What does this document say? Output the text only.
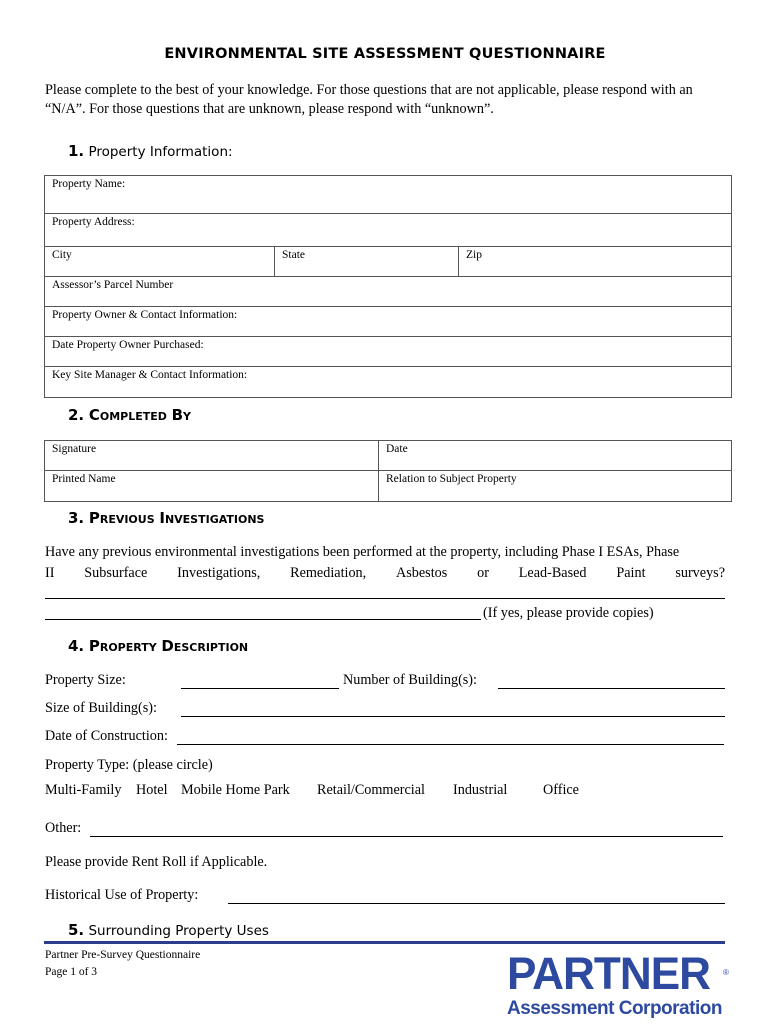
ENVIRONMENTAL SITE ASSESSMENT QUESTIONNAIRE
Please complete to the best of your knowledge. For those questions that are not applicable, please respond with an “N/A”. For those questions that are unknown, please respond with “unknown”.
1. Property Information:
Property Name:
Property Address:
City	State	Zip
Assessor’s Parcel Number
Property Owner & Contact Information:
Date Property Owner Purchased:
Key Site Manager & Contact Information:
2. COMPLETED BY
Signature	Date
Printed Name	Relation to Subject Property
3. PREVIOUS INVESTIGATIONS
Have any previous environmental investigations been performed at the property, including Phase I ESAs, Phase
II Subsurface Investigations, Remediation, Asbestos or Lead-Based Paint surveys?
(If yes, please provide copies)
4. PROPERTY DESCRIPTION
Property Size:	Number of Building(s):
Size of Building(s):
Date of Construction:
Property Type: (please circle)
Multi-Family Hotel Mobile Home Park Retail/Commercial Industrial	Office
Other:
Please provide Rent Roll if Applicable.
Historical Use of Property:
5. Surrounding Property Uses
Partner Pre-Survey Questionnaire
Page 1 of 3	PARTNER ®
Assessment Corporation
